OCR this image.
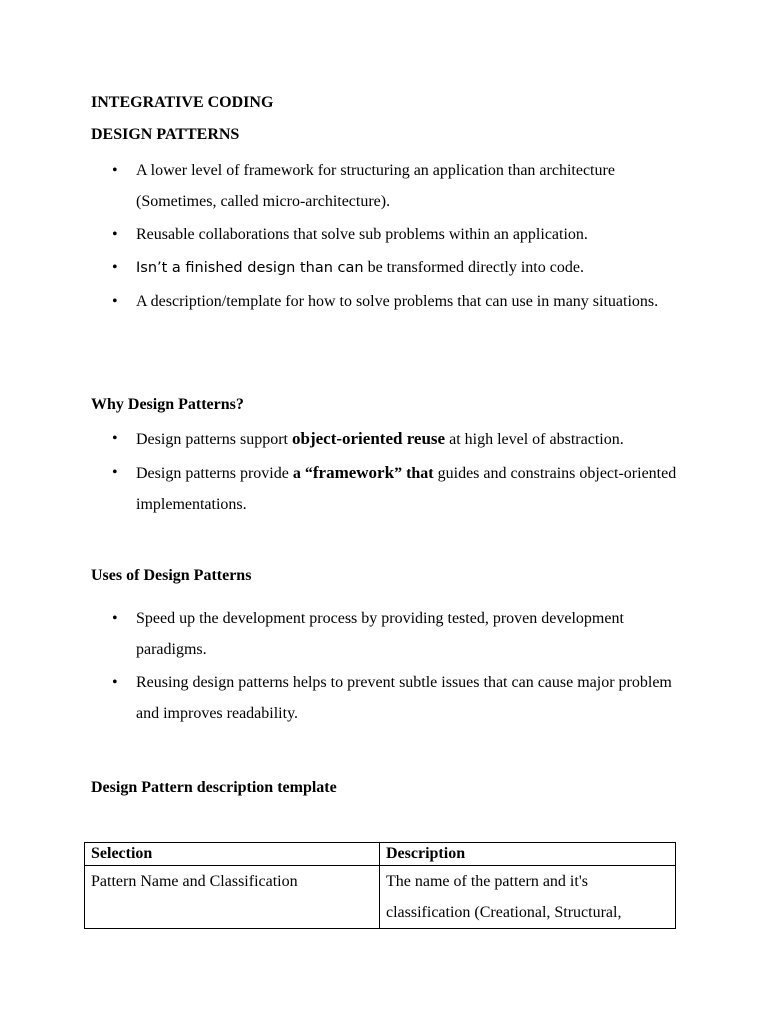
INTEGRATIVE CODING
DESIGN PATTERNS
• A lower level of framework for structuring an application than architecture (Sometimes, called micro-architecture).
• Reusable collaborations that solve sub problems within an application.
• Isn’t a finished design than can be transformed directly into code.
• A description/template for how to solve problems that can use in many situations.
Why Design Patterns?
• Design patterns support object-oriented reuse at high level of abstraction.
• Design patterns provide a “framework” that guides and constrains object-oriented implementations.
Uses of Design Patterns
• Speed up the development process by providing tested, proven development paradigms.
• Reusing design patterns helps to prevent subtle issues that can cause major problem and improves readability.
Design Pattern description template
Selection	Description
Pattern Name and Classification	The name of the pattern and it's classification (Creational, Structural,
